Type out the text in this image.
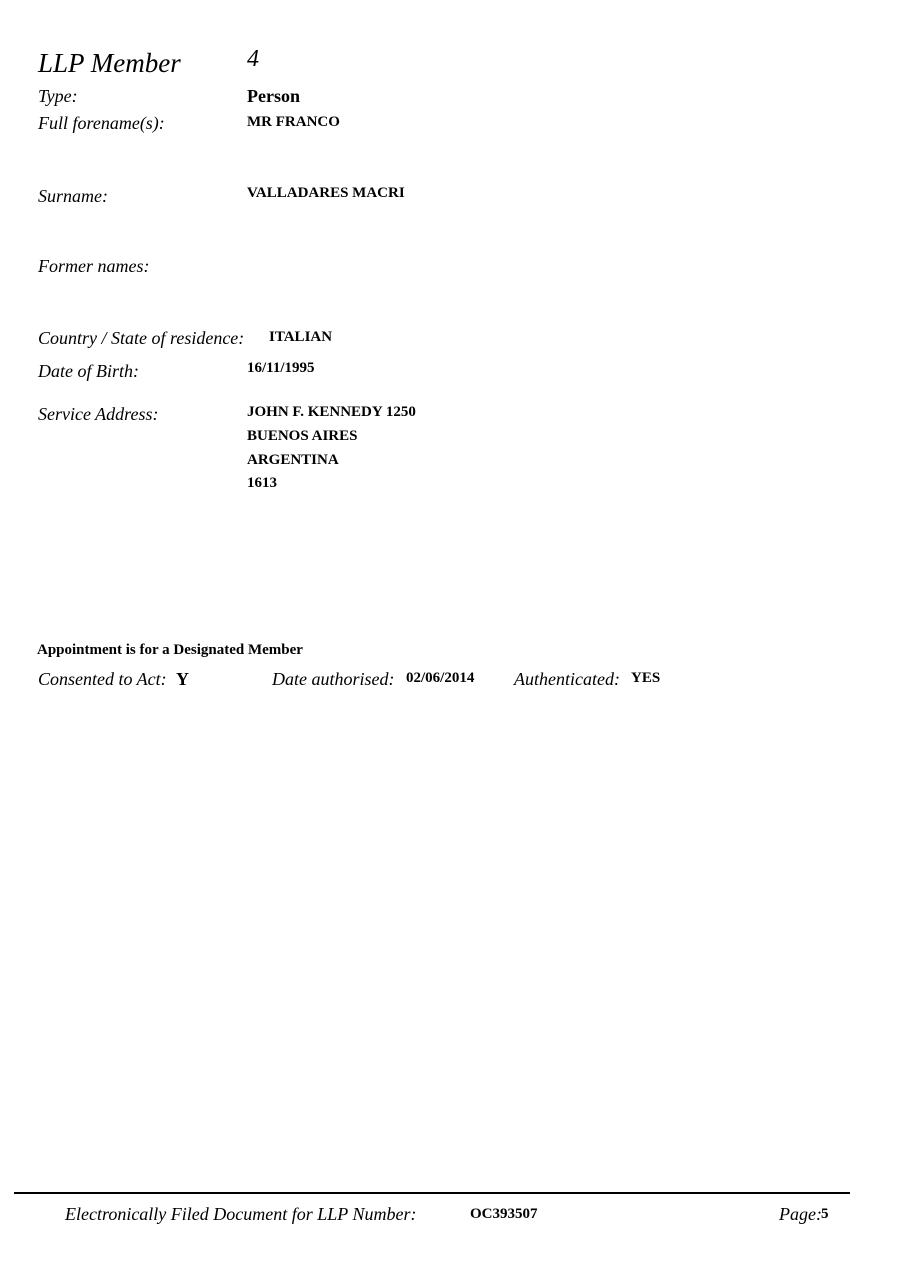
LLP Member	4
Type:	Person
Full forename(s):	MR FRANCO
Surname:	VALLADARES MACRI
Former names:
Country / State of residence: ITALIAN
Date of Birth:	16/11/1995
Service Address:	JOHN F. KENNEDY 1250
BUENOS AIRES
ARGENTINA
1613
Appointment is for a Designated Member
Consented to Act: Y	Date authorised: 02/06/2014 Authenticated: YES
Electronically Filed Document for LLP Number:	OC393507	Page: 5
